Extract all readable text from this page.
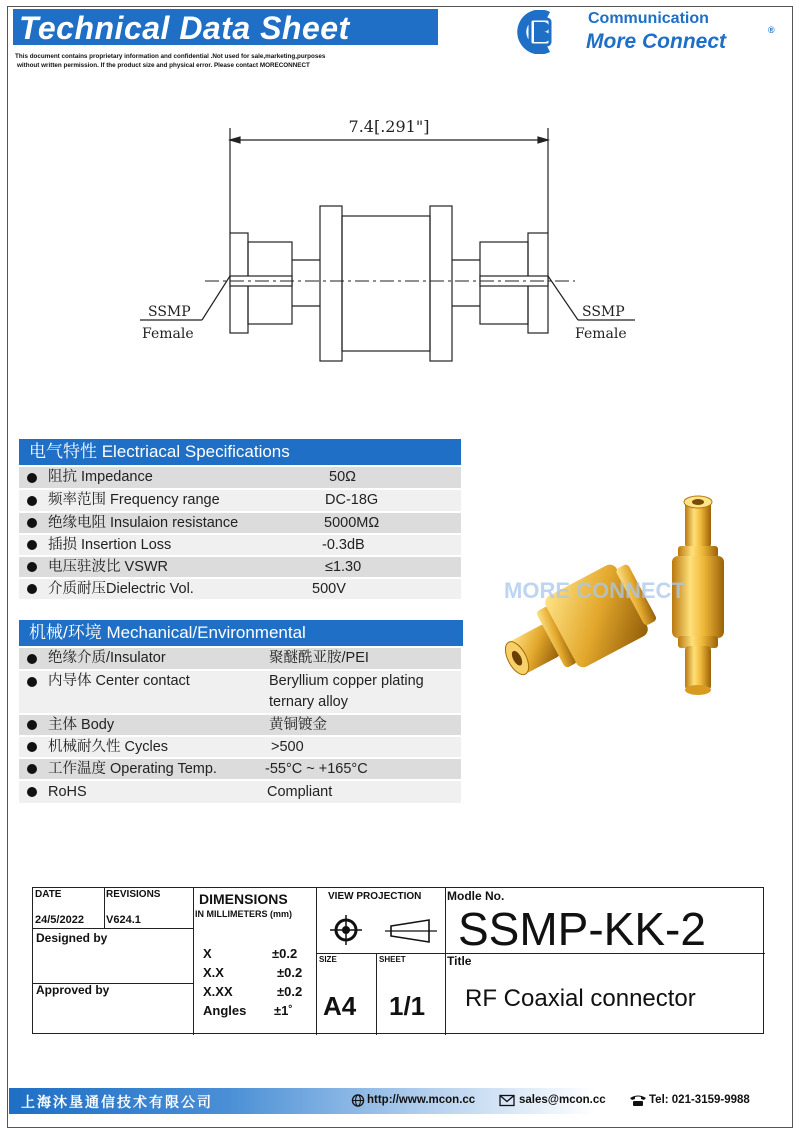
Technical Data Sheet
This document contains proprietary information and confidential .Not used for sale,marketing,purposes
without written permission. If the product size and physical error. Please contact MORECONNECT
Communication
More Connect	®
7.4[.291"]
SSMP
Female
SSMP
Female
电气特性 Electriacal Specifications
阻抗 Impedance	50Ω
频率范围 Frequency range	DC-18G
绝缘电阻 Insulaion resistance	5000MΩ
插损 Insertion Loss	-0.3dB
电压驻波比 VSWR	≤1.30
介质耐压Dielectric Vol.	500V
机械/环境 Mechanical/Environmental
绝缘介质/Insulator	聚醚酰亚胺/PEI
内导体 Center contact	Beryllium copper plating
ternary alloy
主体 Body	黄铜镀金
机械耐久性 Cycles	>500
工作温度 Operating Temp.	-55°C ~ +165°C
RoHS	Compliant
MORE CONNECT
DATE
24/5/2022
REVISIONS
V624.1
Designed by
Approved by
DIMENSIONS
IN MILLIMETERS (mm)
X	±0.2
X.X	±0.2
X.XX	±0.2
Angles ±1˚
VIEW PROJECTION
SIZE
A4
SHEET
1/1
Modle No.
SSMP-KK-2
Title
RF Coaxial connector
上海沐垦通信技术有限公司	http://www.mcon.cc	sales@mcon.cc	Tel: 021-3159-9988
